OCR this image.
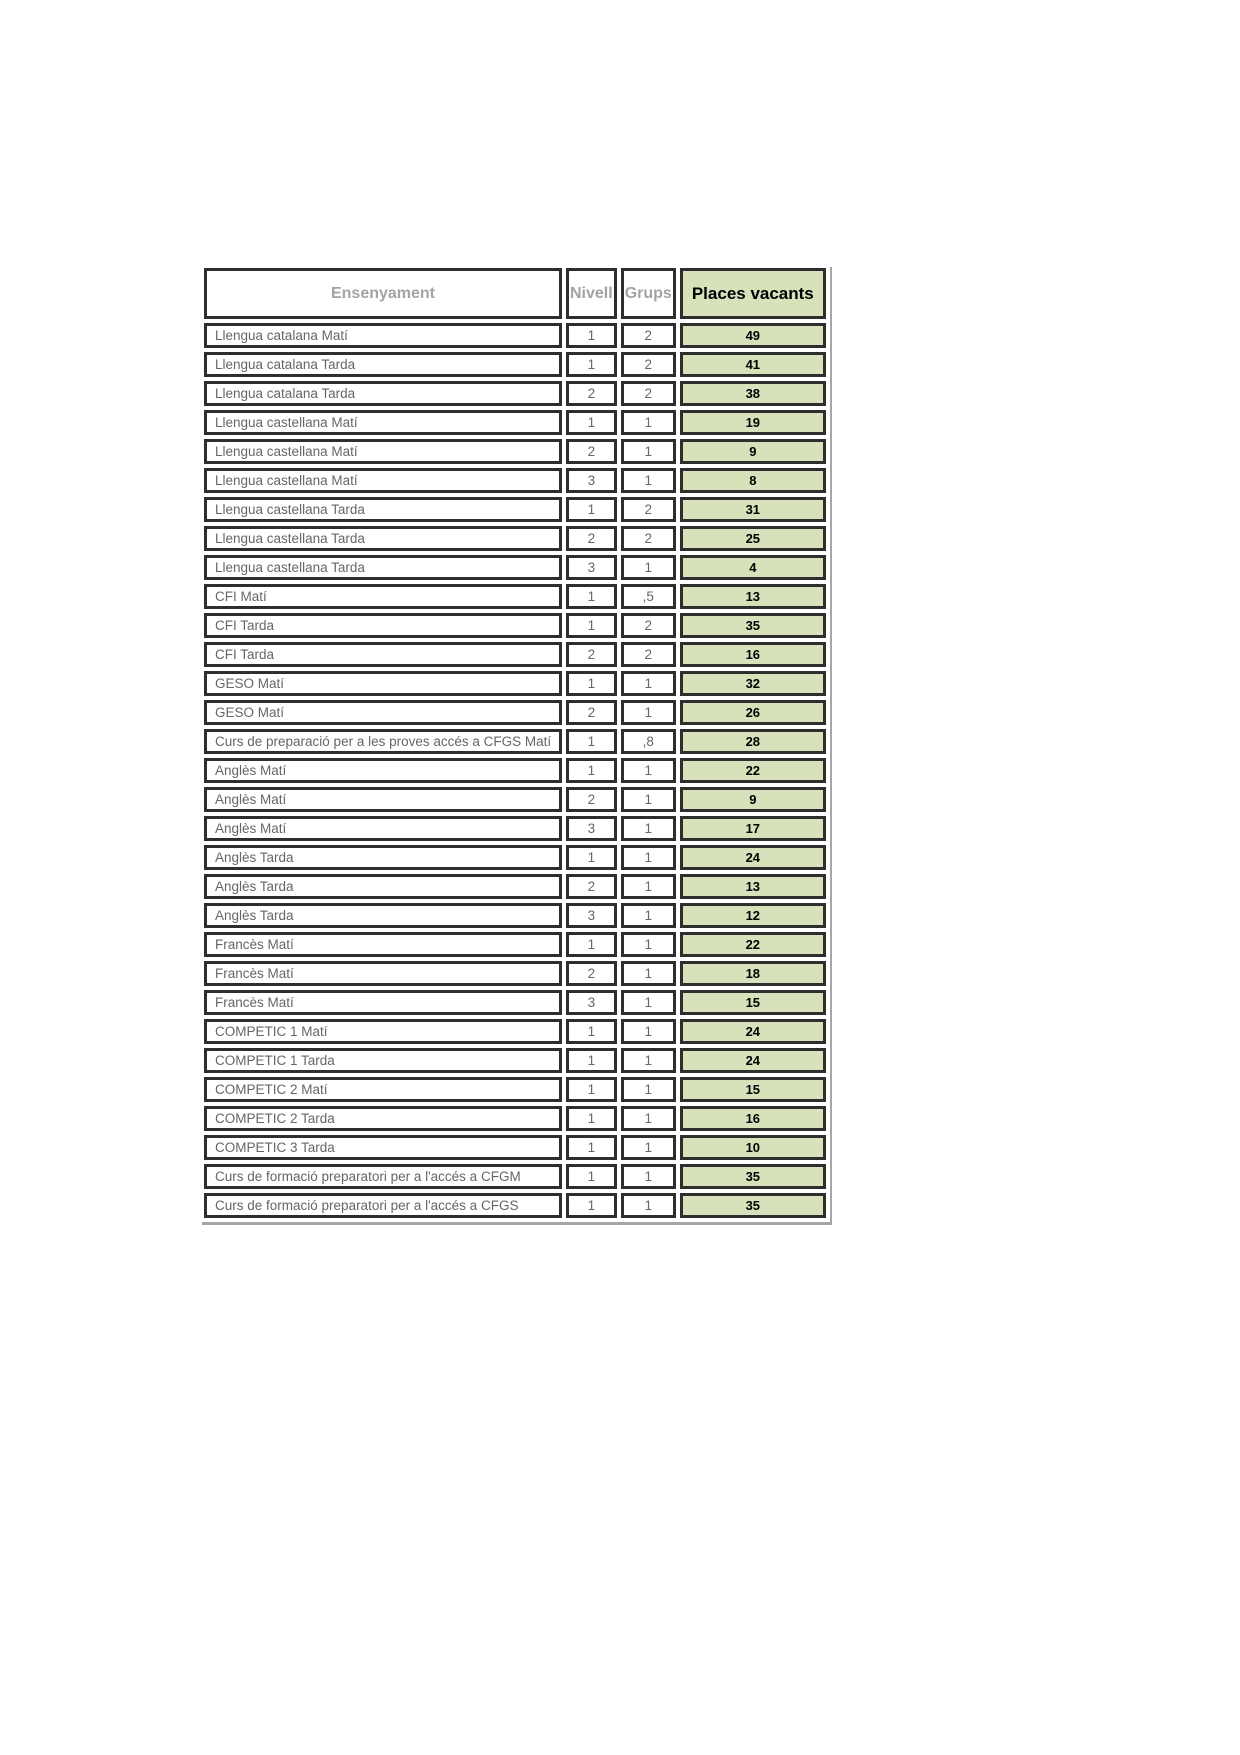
Ensenyament	Nivell	Grups	Places vacants
Llengua catalana Matí	1	2	49
Llengua catalana Tarda	1	2	41
Llengua catalana Tarda	2	2	38
Llengua castellana Matí	1	1	19
Llengua castellana Matí	2	1	9
Llengua castellana Matí	3	1	8
Llengua castellana Tarda	1	2	31
Llengua castellana Tarda	2	2	25
Llengua castellana Tarda	3	1	4
CFI Matí	1	,5	13
CFI Tarda	1	2	35
CFI Tarda	2	2	16
GESO Matí	1	1	32
GESO Matí	2	1	26
Curs de preparació per a les proves accés a CFGS Matí	1	,8	28
Anglès Matí	1	1	22
Anglès Matí	2	1	9
Anglès Matí	3	1	17
Anglès Tarda	1	1	24
Anglès Tarda	2	1	13
Anglès Tarda	3	1	12
Francès Matí	1	1	22
Francès Matí	2	1	18
Francès Matí	3	1	15
COMPETIC 1 Matí	1	1	24
COMPETIC 1 Tarda	1	1	24
COMPETIC 2 Matí	1	1	15
COMPETIC 2 Tarda	1	1	16
COMPETIC 3 Tarda	1	1	10
Curs de formació preparatori per a l'accés a CFGM	1	1	35
Curs de formació preparatori per a l'accés a CFGS	1	1	35
